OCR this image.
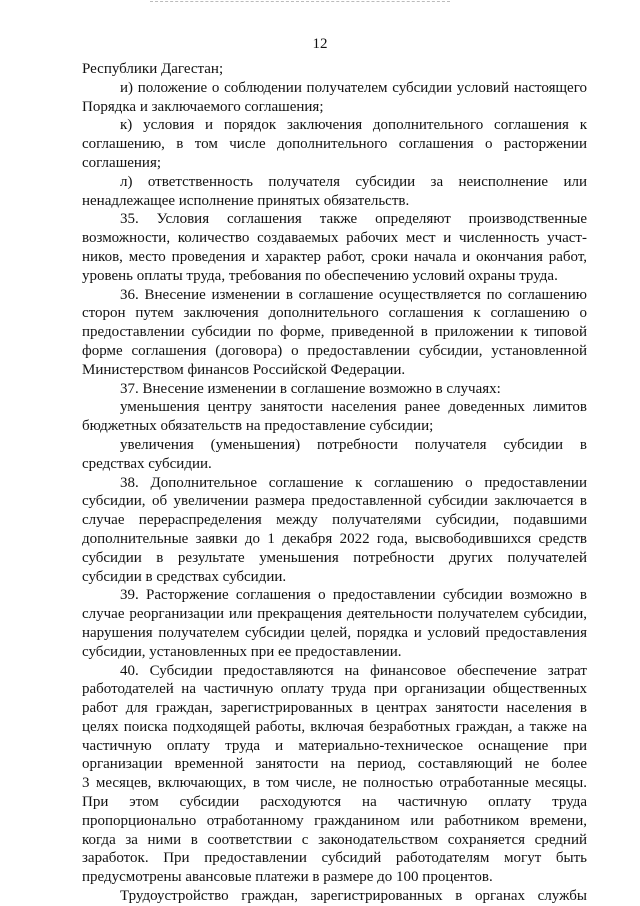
12
Республики Дагестан;
и) положение о соблюдении получателем субсидии условий настоящего
Порядка и заключаемого соглашения;
к) условия и порядок заключения дополнительного соглашения к
соглашению, в том числе дополнительного соглашения о расторжении
соглашения;
л) ответственность получателя субсидии за неисполнение или
ненадлежащее исполнение принятых обязательств.
35. Условия соглашения также определяют производственные
возможности, количество создаваемых рабочих мест и численность участ-
ников, место проведения и характер работ, сроки начала и окончания работ,
уровень оплаты труда, требования по обеспечению условий охраны труда.
36. Внесение изменении в соглашение осуществляется по соглашению
сторон путем заключения дополнительного соглашения к соглашению о
предоставлении субсидии по форме, приведенной в приложении к типовой
форме соглашения (договора) о предоставлении субсидии, установленной
Министерством финансов Российской Федерации.
37. Внесение изменении в соглашение возможно в случаях:
уменьшения центру занятости населения ранее доведенных лимитов
бюджетных обязательств на предоставление субсидии;
увеличения (уменьшения) потребности получателя субсидии в
средствах субсидии.
38. Дополнительное соглашение к соглашению о предоставлении
субсидии, об увеличении размера предоставленной субсидии заключается в
случае перераспределения между получателями субсидии, подавшими
дополнительные заявки до 1 декабря 2022 года, высвободившихся средств
субсидии в результате уменьшения потребности других получателей
субсидии в средствах субсидии.
39. Расторжение соглашения о предоставлении субсидии возможно в
случае реорганизации или прекращения деятельности получателем субсидии,
нарушения получателем субсидии целей, порядка и условий предоставления
субсидии, установленных при ее предоставлении.
40. Субсидии предоставляются на финансовое обеспечение затрат
работодателей на частичную оплату труда при организации общественных
работ для граждан, зарегистрированных в центрах занятости населения в
целях поиска подходящей работы, включая безработных граждан, а также на
частичную оплату труда и материально-техническое оснащение при
организации временной занятости на период, составляющий не более
3 месяцев, включающих, в том числе, не полностью отработанные месяцы.
При этом субсидии расходуются на частичную оплату труда
пропорционально отработанному гражданином или работником времени,
когда за ними в соответствии с законодательством сохраняется средний
заработок. При предоставлении субсидий работодателям могут быть
предусмотрены авансовые платежи в размере до 100 процентов.
Трудоустройство граждан, зарегистрированных в органах службы
